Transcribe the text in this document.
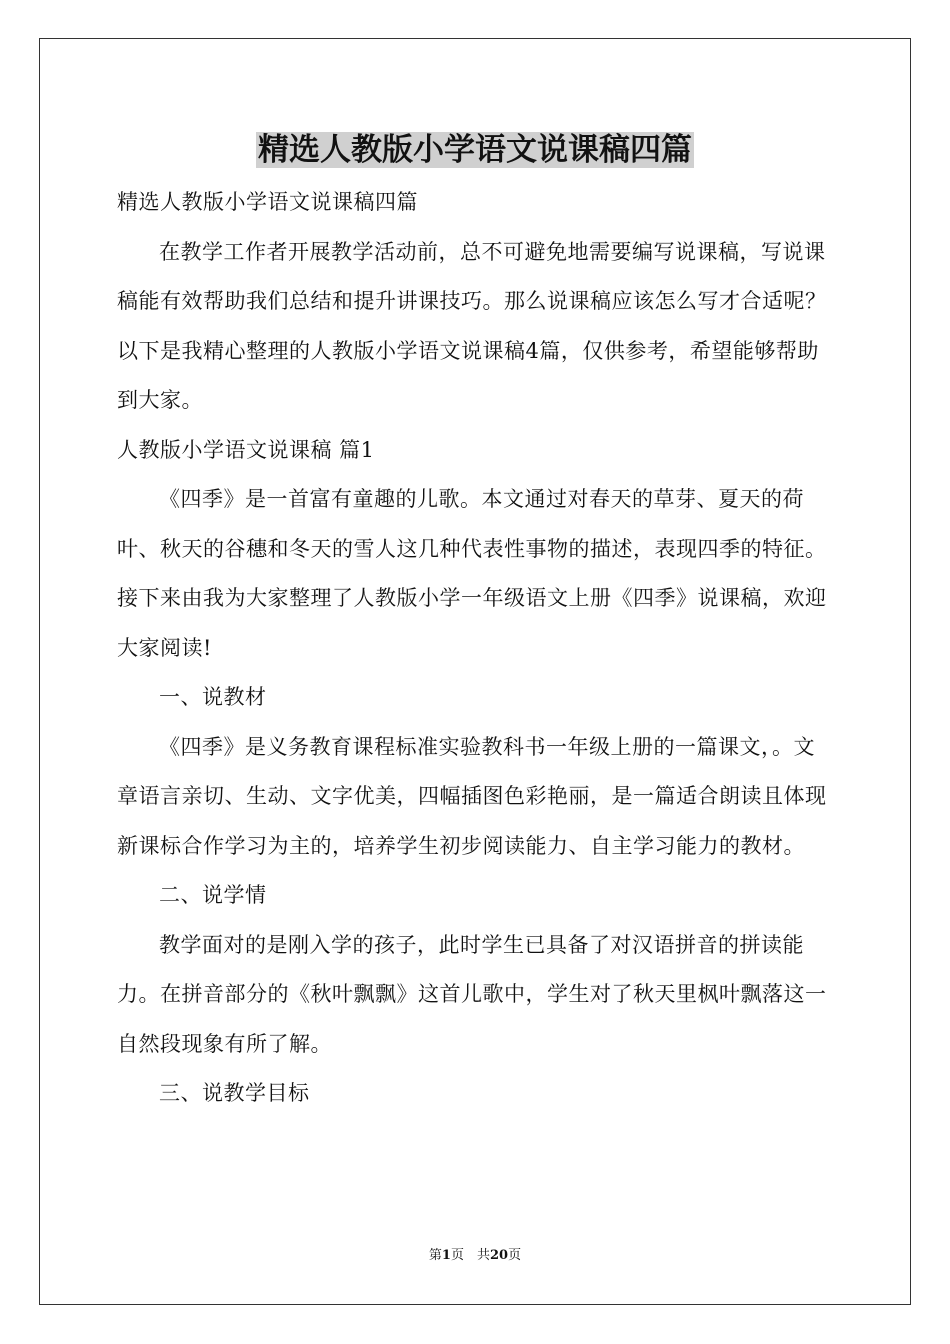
精选人教版小学语文说课稿四篇

精选人教版小学语文说课稿四篇

在教学工作者开展教学活动前，总不可避免地需要编写说课稿，写说课稿能有效帮助我们总结和提升讲课技巧。那么说课稿应该怎么写才合适呢？以下是我精心整理的人教版小学语文说课稿4篇，仅供参考，希望能够帮助到大家。

人教版小学语文说课稿 篇1

《四季》是一首富有童趣的儿歌。本文通过对春天的草芽、夏天的荷叶、秋天的谷穗和冬天的雪人这几种代表性事物的描述，表现四季的特征。接下来由我为大家整理了人教版小学一年级语文上册《四季》说课稿，欢迎大家阅读!

一、说教材

《四季》是义务教育课程标准实验教科书一年级上册的一篇课文，。文章语言亲切、生动、文字优美，四幅插图色彩艳丽，是一篇适合朗读且体现新课标合作学习为主的，培养学生初步阅读能力、自主学习能力的教材。

二、说学情

教学面对的是刚入学的孩子，此时学生已具备了对汉语拼音的拼读能力。在拼音部分的《秋叶飘飘》这首儿歌中，学生对了秋天里枫叶飘落这一自然段现象有所了解。

三、说教学目标

第1页　共20页
